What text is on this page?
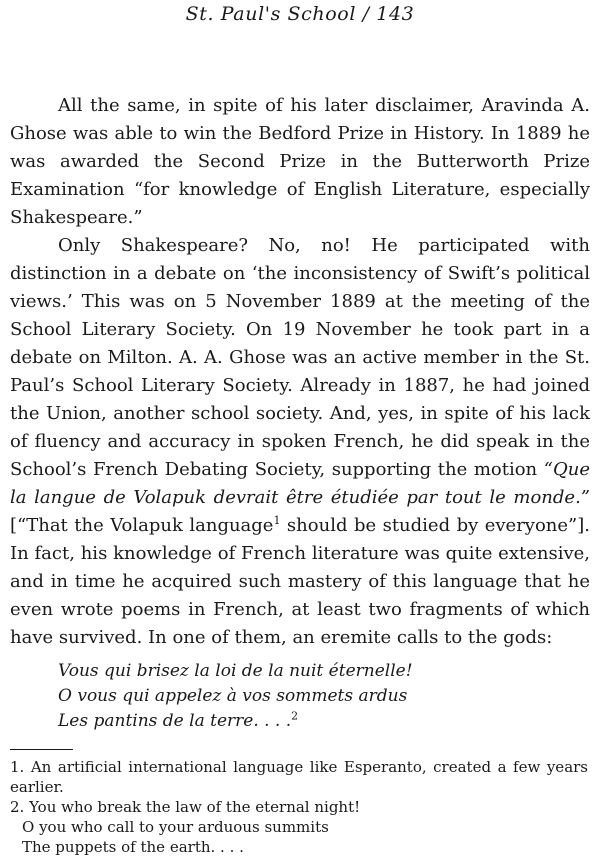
St. Paul's School / 143

All the same, in spite of his later disclaimer, Aravinda A. Ghose was able to win the Bedford Prize in History. In 1889 he was awarded the Second Prize in the Butterworth Prize Examination “for knowledge of English Literature, especially Shakespeare.”

Only Shakespeare? No, no! He participated with distinction in a debate on ‘the inconsistency of Swift’s political views.’ This was on 5 November 1889 at the meeting of the School Literary Society. On 19 November he took part in a debate on Milton. A. A. Ghose was an active member in the St. Paul’s School Literary Society. Already in 1887, he had joined the Union, another school society. And, yes, in spite of his lack of fluency and accuracy in spoken French, he did speak in the School’s French Debating Society, supporting the motion “Que la langue de Volapuk devrait être étudiée par tout le monde.” [“That the Volapuk language$^1$ should be studied by everyone”]. In fact, his knowledge of French literature was quite extensive, and in time he acquired such mastery of this language that he even wrote poems in French, at least two fragments of which have survived. In one of them, an eremite calls to the gods:

Vous qui brisez la loi de la nuit éternelle!
O vous qui appelez à vos sommets ardus
Les pantins de la terre. . . .$^2$
1. An artificial international language like Esperanto, created a few years earlier.
2. You who break the law of the eternal night!
O you who call to your arduous summits
The puppets of the earth. . . .
